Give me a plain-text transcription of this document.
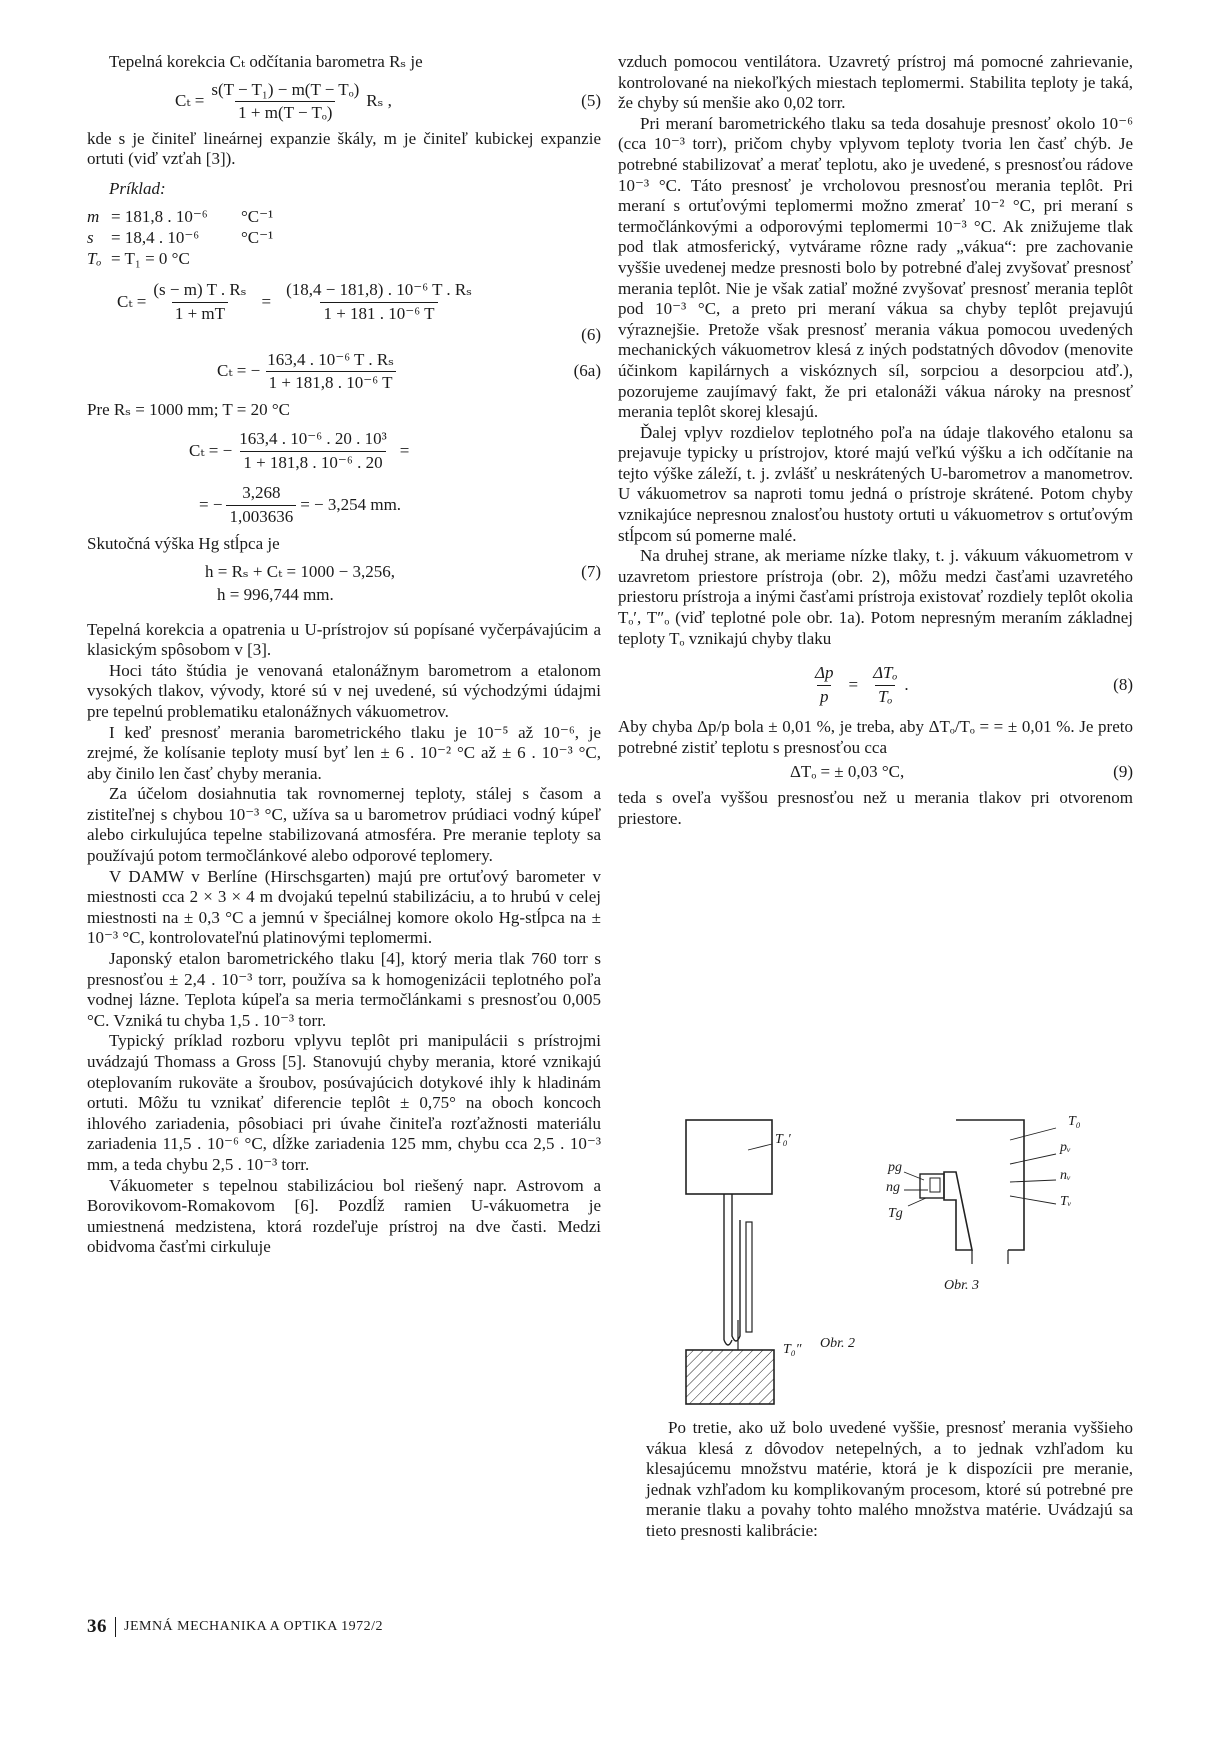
Tepelná korekcia Cₜ odčítania barometra Rₛ je

$C_t = \frac{\text{s(T − T₁) − m(T − Tₒ)}}{\text{1 + m(T − Tₒ)}}$ Rₛ ,	(5)

kde s je činiteľ lineárnej expanzie škály, m je činiteľ kubickej expanzie ortuti (viď vzťah [3]).

Príklad:

m = 181,8 . 10⁻⁶	°C⁻¹
s	= 18,4 . 10⁻⁶	°C⁻¹
Tₒ = T₁ = 0 °C
$C_t = \frac{\text{(s − m) T . Rₛ}}{1 + mT} = \frac{\text{(18,4 − 181,8) . 10⁻⁶ T . Rₛ}}{\text{1 + 181 . 10⁻⁶ T}}$
(6)
Cₜ = − $\frac{\text{163,4 . 10⁻⁶ T . Rₛ}}{\text{1 + 181,8 . 10⁻⁶ T}}$	(6a)

Pre Rₛ = 1000 mm; T = 20 °C

Cₜ = − $\frac{\text{163,4 . 10⁻⁶ . 20 . 10³}}{\text{1 + 181,8 . 10⁻⁶ . 20}}$ =
= − $\frac{3,268}{1,003636}$ = − 3,254 mm.

Skutočná výška Hg stĺpca je

h = Rₛ + Cₜ = 1000 − 3,256,	(7)
h = 996,744 mm.

Tepelná korekcia a opatrenia u U-prístrojov sú popísané vyčerpávajúcim a klasickým spôsobom v [3].

Hoci táto štúdia je venovaná etalonážnym barometrom a etalonom vysokých tlakov, vývody, ktoré sú v nej uvedené, sú východzými údajmi pre tepelnú problematiku etalonážnych vákuometrov.

I keď presnosť merania barometrického tlaku je 10⁻⁵ až 10⁻⁶, je zrejmé, že kolísanie teploty musí byť len ± 6 . 10⁻² °C až ± 6 . 10⁻³ °C, aby činilo len časť chyby merania.

Za účelom dosiahnutia tak rovnomernej teploty, stálej s časom a zistiteľnej s chybou 10⁻³ °C, užíva sa u barometrov prúdiaci vodný kúpeľ alebo cirkulujúca tepelne stabilizovaná atmosféra. Pre meranie teploty sa používajú potom termočlánkové alebo odporové teplomery.

V DAMW v Berlíne (Hirschsgarten) majú pre ortuťový barometer v miestnosti cca 2 × 3 × 4 m dvojakú tepelnú stabilizáciu, a to hrubú v celej miestnosti na ± 0,3 °C a jemnú v špeciálnej komore okolo Hg-stĺpca na ± 10⁻³ °C, kontrolovateľnú platinovými teplomermi.

Japonský etalon barometrického tlaku [4], ktorý meria tlak 760 torr s presnosťou ± 2,4 . 10⁻³ torr, používa sa k homogenizácii teplotného poľa vodnej lázne. Teplota kúpeľa sa meria termočlánkami s presnosťou 0,005 °C. Vzniká tu chyba 1,5 . 10⁻³ torr.

Typický príklad rozboru vplyvu teplôt pri manipulácii s prístrojmi uvádzajú Thomass a Gross [5]. Stanovujú chyby merania, ktoré vznikajú oteplovaním rukoväte a šroubov, posúvajúcich dotykové ihly k hladinám ortuti. Môžu tu vznikať diferencie teplôt ± 0,75° na oboch koncoch ihlového zariadenia, pôsobiaci pri úvahe činiteľa rozťažnosti materiálu zariadenia 11,5 . 10⁻⁶ °C, dĺžke zariadenia 125 mm, chybu cca 2,5 . 10⁻³ mm, a teda chybu 2,5 . 10⁻³ torr.

Vákuometer s tepelnou stabilizáciou bol riešený napr. Astrovom a Borovikovom-Romakovom [6]. Pozdĺž ramien U-vákuometra je umiestnená medzistena, ktorá rozdeľuje prístroj na dve časti. Medzi obidvoma časťmi cirkuluje

vzduch pomocou ventilátora. Uzavretý prístroj má pomocné zahrievanie, kontrolované na niekoľkých miestach teplomermi. Stabilita teploty je taká, že chyby sú menšie ako 0,02 torr.

Pri meraní barometrického tlaku sa teda dosahuje presnosť okolo 10⁻⁶ (cca 10⁻³ torr), pričom chyby vplyvom teploty tvoria len časť chýb. Je potrebné stabilizovať a merať teplotu, ako je uvedené, s presnosťou rádove 10⁻³ °C. Táto presnosť je vrcholovou presnosťou merania teplôt. Pri meraní s ortuťovými teplomermi možno zmerať 10⁻² °C, pri meraní s termočlánkovými a odporovými teplomermi 10⁻³ °C. Ak znižujeme tlak pod tlak atmosferický, vytvárame rôzne rady „vákua“: pre zachovanie vyššie uvedenej medze presnosti bolo by potrebné ďalej zvyšovať presnosť merania teplôt. Nie je však zatiaľ možné zvyšovať presnosť merania teplôt pod 10⁻³ °C, a preto pri meraní vákua sa chyby teplôt prejavujú výraznejšie. Pretože však presnosť merania vákua pomocou uvedených mechanických vákuometrov klesá z iných podstatných dôvodov (menovite účinkom kapilárnych a viskóznych síl, sorpciou a desorpciou atď.), pozorujeme zaujímavý fakt, že pri etalonáži vákua nároky na presnosť merania teplôt skorej klesajú.

Ďalej vplyv rozdielov teplotného poľa na údaje tlakového etalonu sa prejavuje typicky u prístrojov, ktoré majú veľkú výšku a ich odčítanie na tejto výške záleží, t. j. zvlášť u neskrátených U-barometrov a manometrov. U vákuometrov sa naproti tomu jedná o prístroje skrátené. Potom chyby vznikajúce nepresnou znalosťou hustoty ortuti u vákuometrov s ortuťovým stĺpcom sú pomerne malé.

Na druhej strane, ak meriame nízke tlaky, t. j. vákuum vákuometrom v uzavretom priestore prístroja (obr. 2), môžu medzi časťami uzavretého priestoru prístroja a inými časťami prístroja existovať rozdiely teplôt okolia Tₒ′, T″ₒ (viď teplotné pole obr. 1a). Potom nepresným meraním základnej teploty Tₒ vznikajú chyby tlaku

$\frac{\Delta p}{p} = \frac{\text{ΔTₒ}}{\text{Tₒ}}$ .	(8)

Aby chyba Δp/p bola ± 0,01 %, je treba, aby ΔTₒ/Tₒ = = ± 0,01 %. Je preto potrebné zistiť teplotu s presnosťou cca

ΔTₒ = ± 0,03 °C,	(9)

teda s oveľa vyššou presnosťou než u merania tlakov pri otvorenom priestore.

T₀′
T₀″ Obr. 2
T₀
pᵥ
nᵥ
Tᵥ
pg
ng
Tg
Obr. 3

Po tretie, ako už bolo uvedené vyššie, presnosť merania vyššieho vákua klesá z dôvodov netepelných, a to jednak vzhľadom ku klesajúcemu množstvu matérie, ktorá je k dispozícii pre meranie, jednak vzhľadom ku komplikovaným procesom, ktoré sú potrebné pre meranie tlaku a povahy tohto malého množstva matérie. Uvádzajú sa tieto presnosti kalibrácie:

36 JEMNÁ MECHANIKA A OPTIKA 1972/2
